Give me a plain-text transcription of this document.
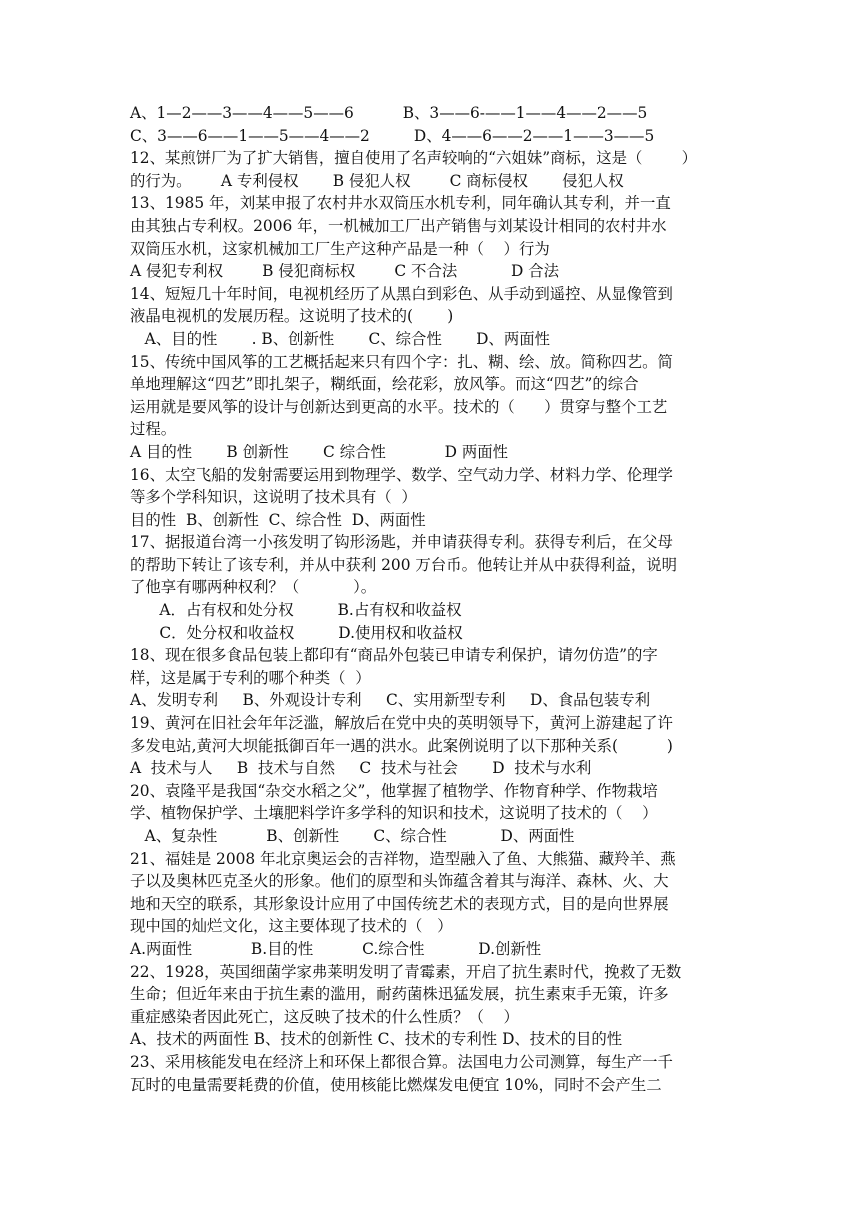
A、1—2——3——4——5——6          B、3——6-——1——4——2——5
C、3——6——1——5——4——2         D、4——6——2——1——3——5
12、某煎饼厂为了扩大销售，擅自使用了名声较响的“六姐妹”商标，这是（        ）
的行为。      A 专利侵权       B 侵犯人权        C 商标侵权       侵犯人权
13、1985 年，刘某申报了农村井水双筒压水机专利，同年确认其专利，并一直
由其独占专利权。2006 年，一机械加工厂出产销售与刘某设计相同的农村井水
双筒压水机，这家机械加工厂生产这种产品是一种（    ）行为
A 侵犯专利权        B 侵犯商标权        C 不合法           D 合法
14、短短几十年时间，电视机经历了从黑白到彩色、从手动到遥控、从显像管到
液晶电视机的发展历程。这说明了技术的(       )
A、目的性       . B、创新性       C、综合性       D、两面性
15、传统中国风筝的工艺概括起来只有四个字：扎、糊、绘、放。简称四艺。简
单地理解这“四艺”即扎架子，糊纸面，绘花彩，放风筝。而这“四艺”的综合
运用就是要风筝的设计与创新达到更高的水平。技术的（      ）贯穿与整个工艺
过程。
A 目的性       B 创新性       C 综合性            D 两面性
16、太空飞船的发射需要运用到物理学、数学、空气动力学、材料力学、伦理学
等多个学科知识，这说明了技术具有（  ）
目的性  B、创新性  C、综合性  D、两面性
17、据报道台湾一小孩发明了钩形汤匙，并申请获得专利。获得专利后，在父母
的帮助下转让了该专利，并从中获利 200 万台币。他转让并从中获得利益，说明
了他享有哪两种权利？（           ）。
A．占有权和处分权         B.占有权和收益权
C．处分权和收益权         D.使用权和收益权
18、现在很多食品包装上都印有“商品外包装已申请专利保护，请勿仿造”的字
样，这是属于专利的哪个种类（  ）
A、发明专利     B、外观设计专利     C、实用新型专利     D、食品包装专利
19、黄河在旧社会年年泛滥，解放后在党中央的英明领导下，黄河上游建起了许
多发电站,黄河大坝能抵御百年一遇的洪水。此案例说明了以下那种关系(          )
A  技术与人     B  技术与自然     C  技术与社会       D  技术与水利
20、袁隆平是我国“杂交水稻之父”，他掌握了植物学、作物育种学、作物栽培
学、植物保护学、土壤肥料学许多学科的知识和技术，这说明了技术的（    ）
A、复杂性          B、创新性       C、综合性           D、两面性
21、福娃是 2008 年北京奥运会的吉祥物，造型融入了鱼、大熊猫、藏羚羊、燕
子以及奥林匹克圣火的形象。他们的原型和头饰蕴含着其与海洋、森林、火、大
地和天空的联系，其形象设计应用了中国传统艺术的表现方式，目的是向世界展
现中国的灿烂文化，这主要体现了技术的（   ）
A.两面性            B.目的性          C.综合性           D.创新性
22、1928，英国细菌学家弗莱明发明了青霉素，开启了抗生素时代，挽救了无数
生命；但近年来由于抗生素的滥用，耐药菌株迅猛发展，抗生素束手无策，许多
重症感染者因此死亡，这反映了技术的什么性质？（    ）
A、技术的两面性 B、技术的创新性 C、技术的专利性 D、技术的目的性
23、采用核能发电在经济上和环保上都很合算。法国电力公司测算，每生产一千
瓦时的电量需要耗费的价值，使用核能比燃煤发电便宜 10%，同时不会产生二
